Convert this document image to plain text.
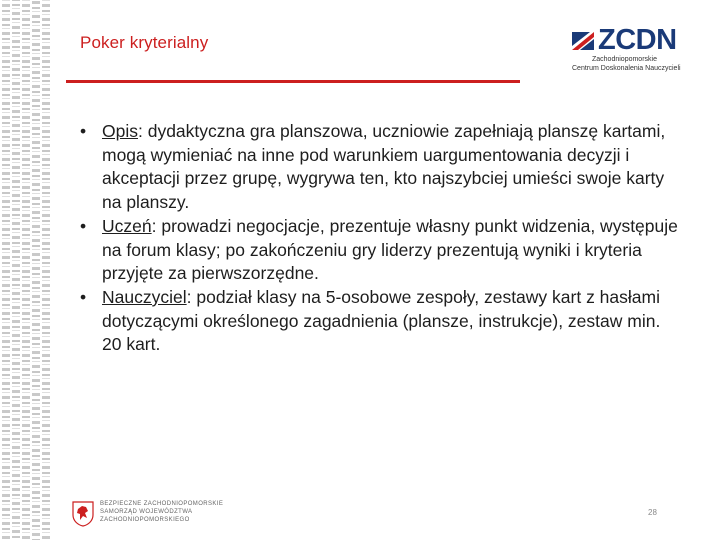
Poker kryterialny	ZCDN
Zachodniopomorskie
Centrum Doskonalenia Nauczycieli
• Opis: dydaktyczna gra planszowa, uczniowie zapełniają planszę kartami, mogą wymieniać na inne pod warunkiem uargumentowania decyzji i akceptacji przez grupę, wygrywa ten, kto najszybciej umieści swoje karty na planszy.
• Uczeń: prowadzi negocjacje, prezentuje własny punkt widzenia, występuje na forum klasy; po zakończeniu gry liderzy prezentują wyniki i kryteria przyjęte za pierwszorzędne.
• Nauczyciel: podział klasy na 5-osobowe zespoły, zestawy kart z hasłami dotyczącymi określonego zagadnienia (plansze, instrukcje), zestaw min. 20 kart.
BEZPIECZNE ZACHODNIOPOMORSKIE
SAMORZĄD WOJEWÓDZTWA
ZACHODNIOPOMORSKIEGO
28
